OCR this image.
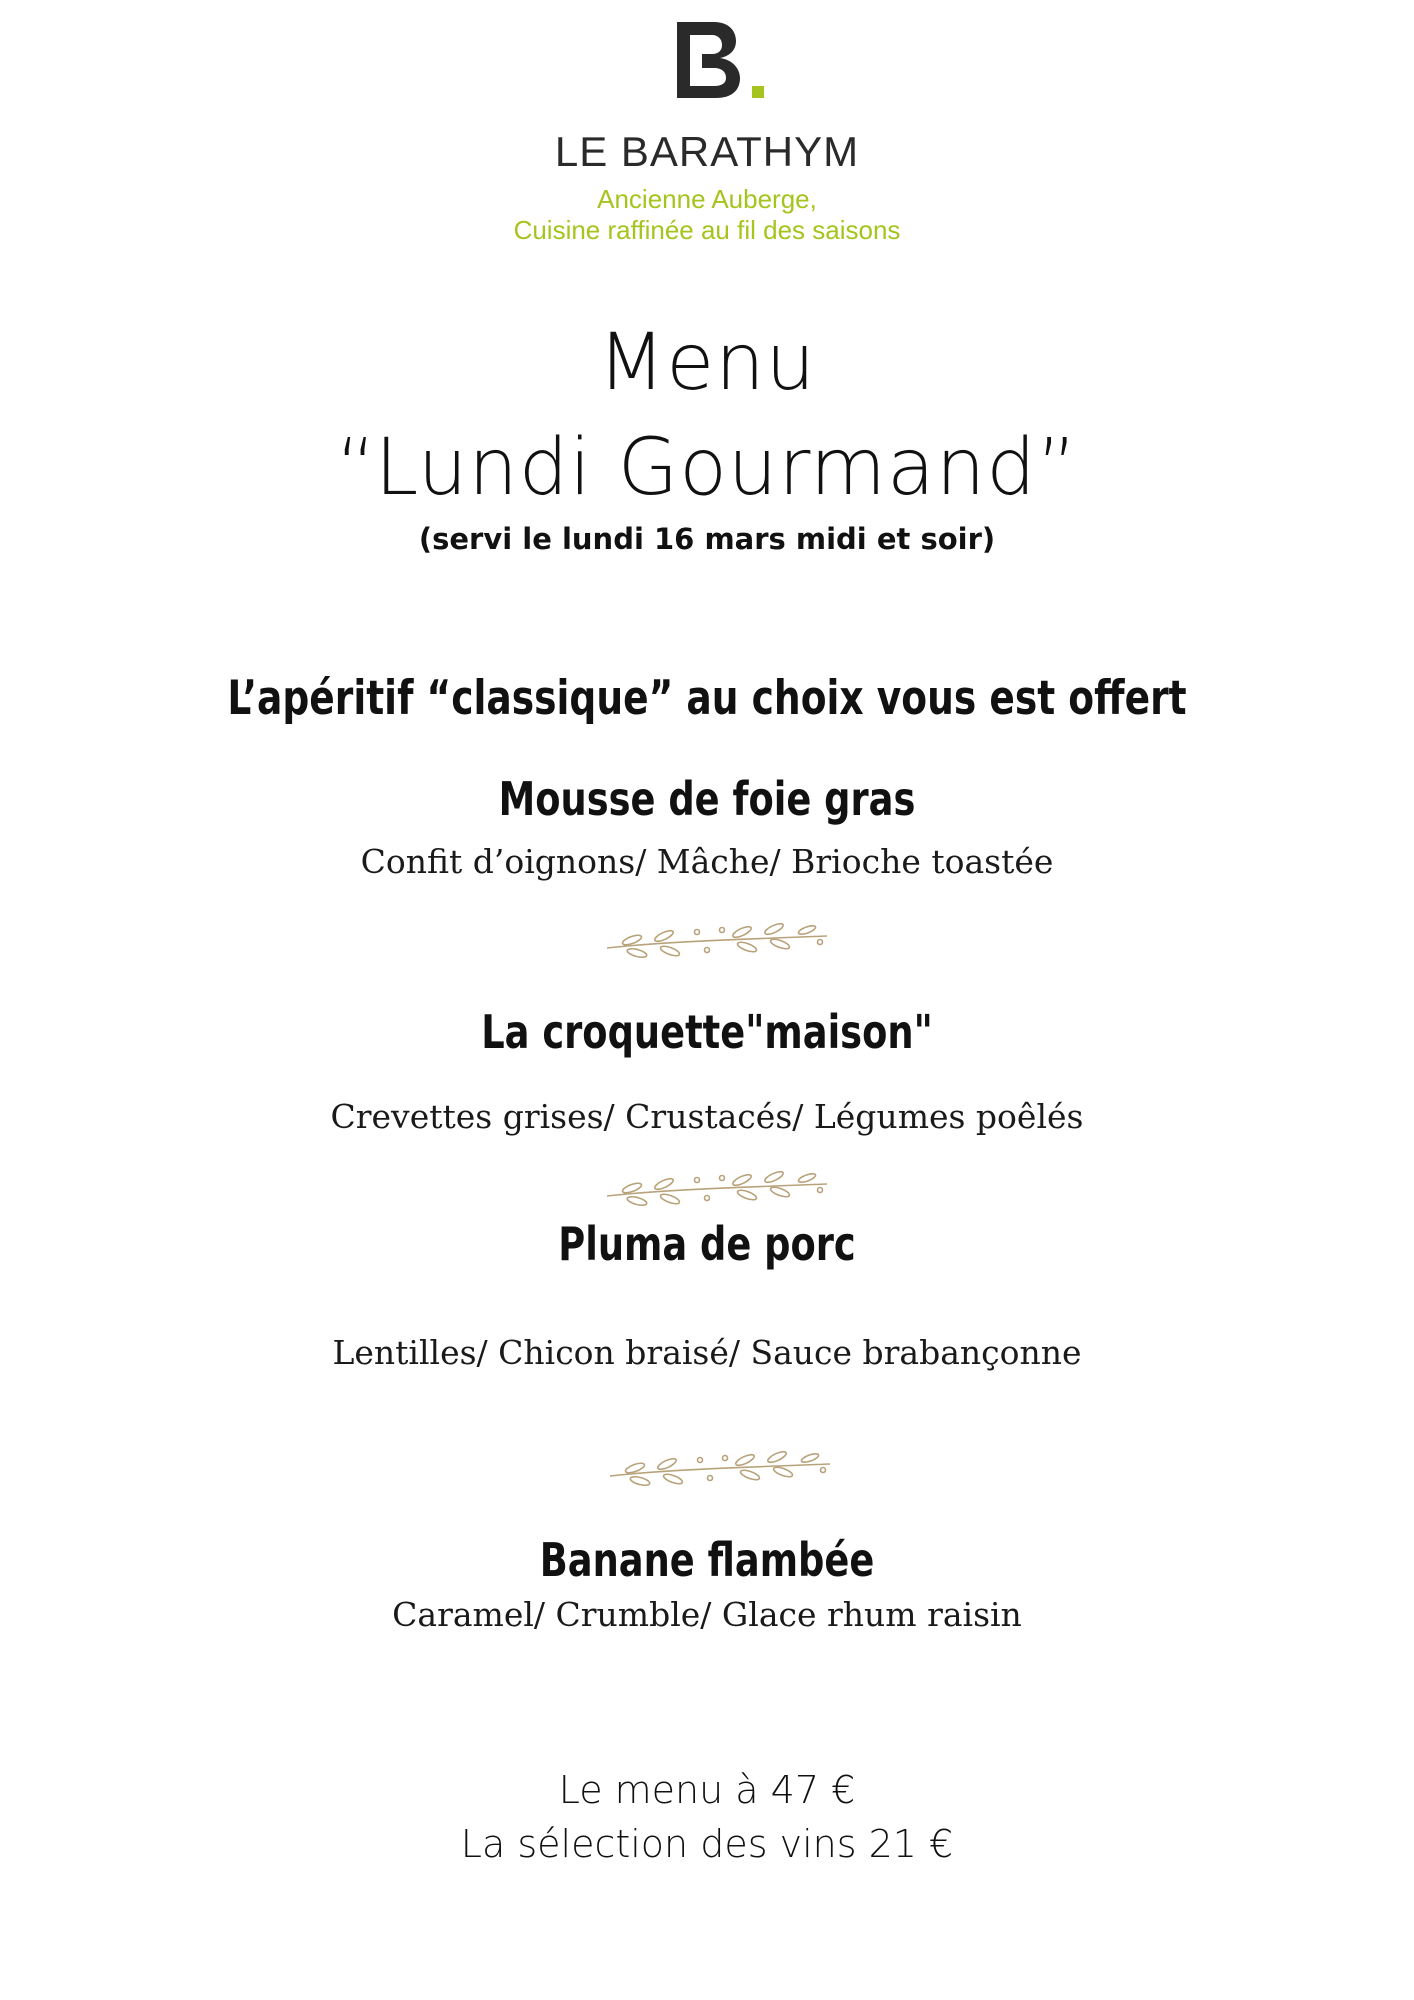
LE BARATHYM
Ancienne Auberge,
Cuisine raffinée au fil des saisons
Menu
“Lundi Gourmand”
(servi le lundi 16 mars midi et soir)
L’apéritif “classique” au choix vous est offert
Mousse de foie gras
Confit d’oignons/ Mâche/ Brioche toastée
La croquette"maison"
Crevettes grises/ Crustacés/ Légumes poêlés
Pluma de porc
Lentilles/ Chicon braisé/ Sauce brabançonne
Banane flambée
Caramel/ Crumble/ Glace rhum raisin
Le menu à 47 €
La sélection des vins 21 €
